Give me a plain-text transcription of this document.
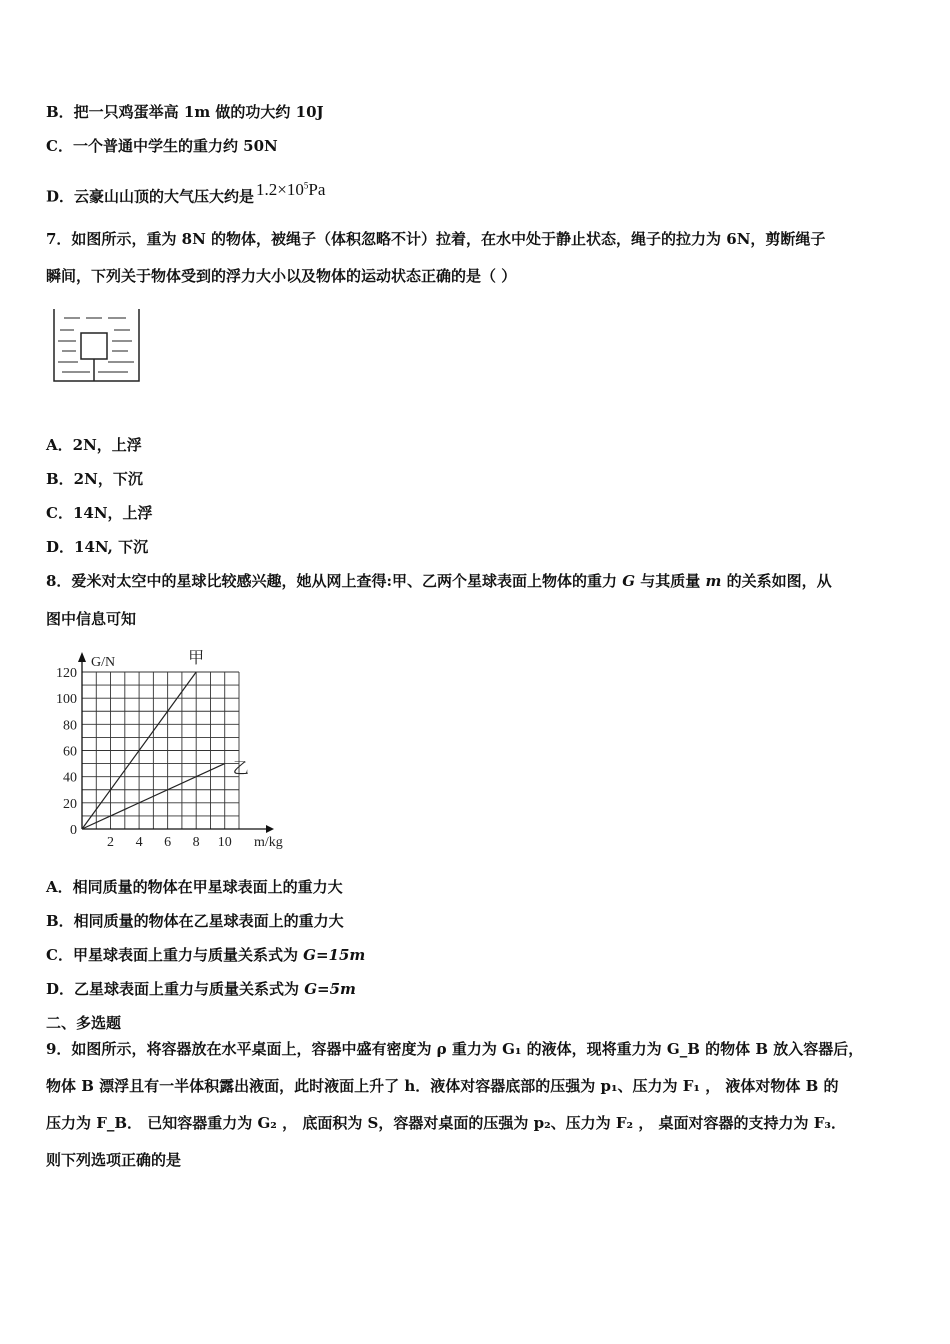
B．把一只鸡蛋举高 1m 做的功大约 10J
C．一个普通中学生的重力约 50N
D．云豪山山顶的大气压大约是 $1.2\times 10^5Pa$
7．如图所示，重为 8N 的物体，被绳子（体积忽略不计）拉着，在水中处于静止状态，绳子的拉力为 6N，剪断绳子
瞬间，下列关于物体受到的浮力大小以及物体的运动状态正确的是（ ）
A．2N，上浮
B．2N，下沉
C．14N，上浮
D．14N, 下沉
8．爱米对太空中的星球比较感兴趣，她从网上查得:甲、乙两个星球表面上物体的重力 G 与其质量 m 的关系如图，从
图中信息可知
G/N
m/kg
0
20
40
60
80
100
120
2 4 6 8 10
甲
乙
A．相同质量的物体在甲星球表面上的重力大
B．相同质量的物体在乙星球表面上的重力大
C．甲星球表面上重力与质量关系式为 G=15m
D．乙星球表面上重力与质量关系式为 G=5m
二、多选题
9．如图所示，将容器放在水平桌面上，容器中盛有密度为 ρ 重力为 G₁ 的液体，现将重力为 G_B 的物体 B 放入容器后，
物体 B 漂浮且有一半体积露出液面，此时液面上升了 h．液体对容器底部的压强为 p₁、压力为 F₁ ， 液体对物体 B 的
压力为 F_B． 已知容器重力为 G₂ ， 底面积为 S，容器对桌面的压强为 p₂、压力为 F₂ ， 桌面对容器的支持力为 F₃．
则下列选项正确的是
